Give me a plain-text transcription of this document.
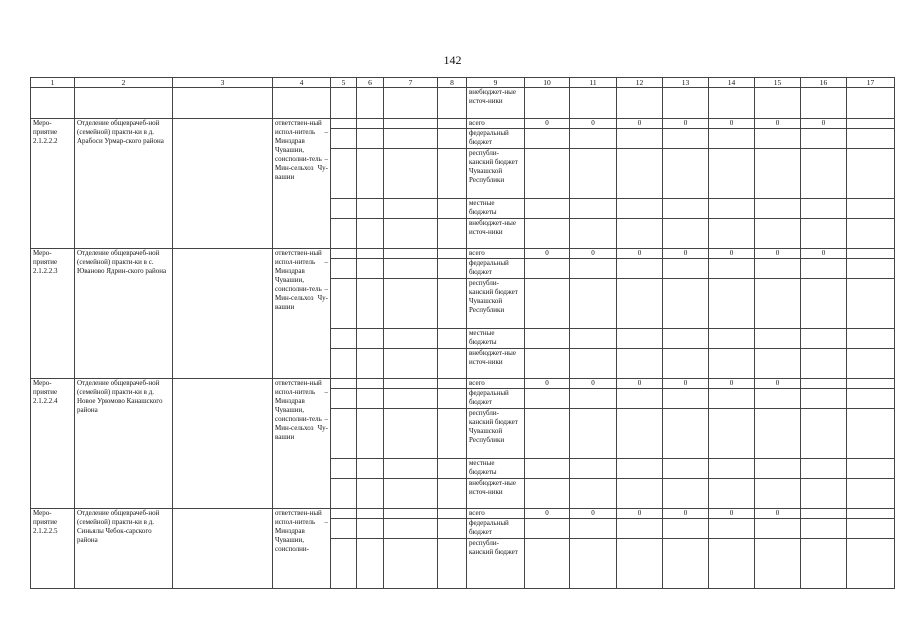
142
1	2	3	4	5	6	7	8	9	10	11	12	13	14	15	16	17
								внебюджет-ные источ-ники								
Меро-приятие 2.1.2.2.2	Отделение общеврачеб-ной (семейной) практи-ки в д. Арабоси Урмар-ского района		ответствен-ный испол-нитель – Минздрав Чувашии, соисполни-тель – Мин-сельхоз Чу-вашии					всего	0	0	0	0	0	0	0	
								федеральный бюджет								
								республи-канский бюджет Чувашской Республики								
								местные бюджеты								
								внебюджет-ные источ-ники								
Меро-приятие 2.1.2.2.3	Отделение общеврачеб-ной (семейной) практи-ки в с. Юваново Ядрин-ского района		ответствен-ный испол-нитель – Минздрав Чувашии, соисполни-тель – Мин-сельхоз Чу-вашии					всего	0	0	0	0	0	0	0	
								федеральный бюджет								
								республи-канский бюджет Чувашской Республики								
								местные бюджеты								
								внебюджет-ные источ-ники								
Меро-приятие 2.1.2.2.4	Отделение общеврачеб-ной (семейной) практи-ки в д. Новое Урюмово Канашского района		ответствен-ный испол-нитель – Минздрав Чувашии, соисполни-тель – Мин-сельхоз Чу-вашии					всего	0	0	0	0	0	0		
								федеральный бюджет								
								республи-канский бюджет Чувашской Республики								
								местные бюджеты								
								внебюджет-ные источ-ники								
Меро-приятие 2.1.2.2.5	Отделение общеврачеб-ной (семейной) практи-ки в д. Синьялы Чебок-сарского района		ответствен-ный испол-нитель – Минздрав Чувашии, соисполни-					всего	0	0	0	0	0	0		
								федеральный бюджет								
								республи-канский бюджет								
